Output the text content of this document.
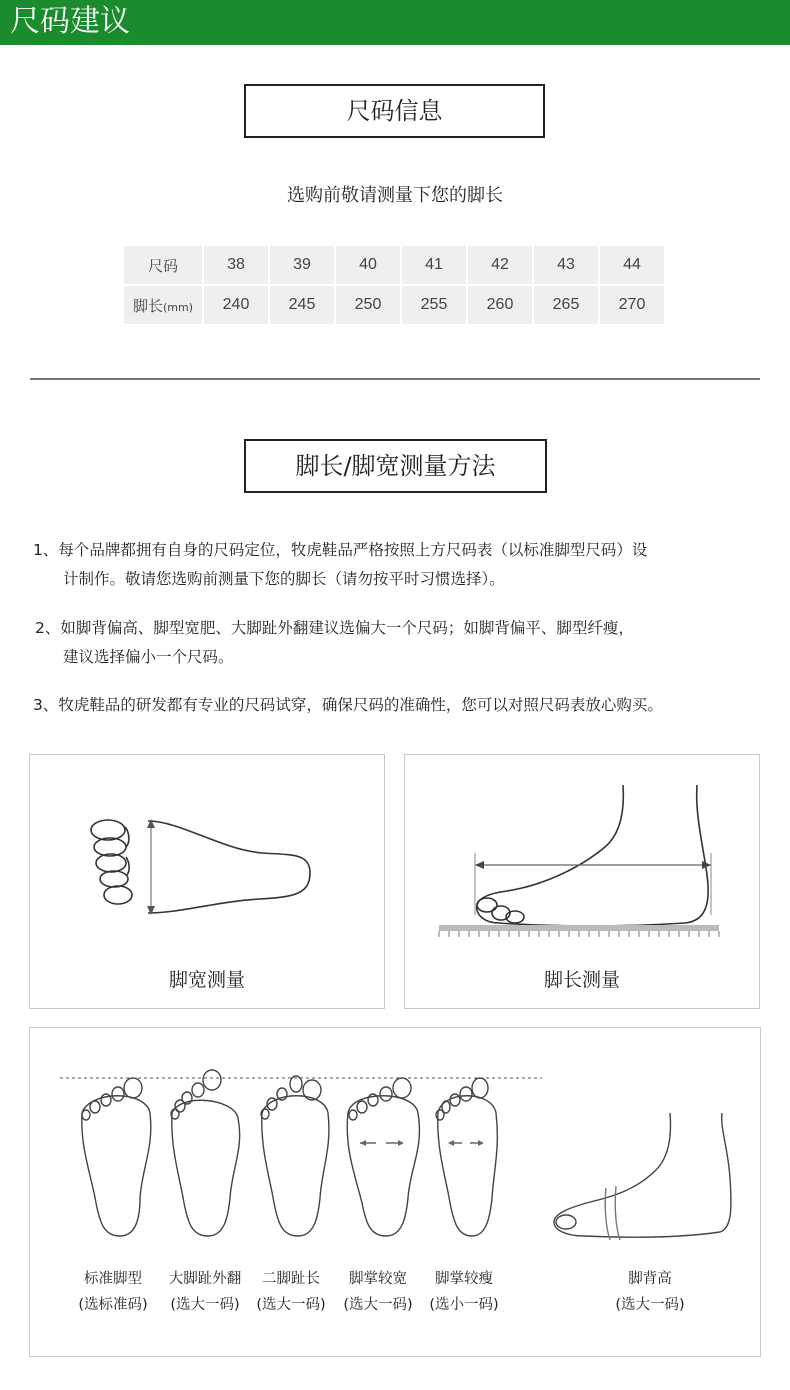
尺码建议
尺码信息
选购前敬请测量下您的脚长
尺码	38	39	40	41	42	43	44
脚长(mm)	240	245	250	255	260	265	270
脚长/脚宽测量方法
1、每个品牌都拥有自身的尺码定位，牧虎鞋品严格按照上方尺码表（以标准脚型尺码）设
计制作。敬请您选购前测量下您的脚长（请勿按平时习惯选择）。
2、如脚背偏高、脚型宽肥、大脚趾外翻建议选偏大一个尺码；如脚背偏平、脚型纤瘦，
建议选择偏小一个尺码。
3、牧虎鞋品的研发都有专业的尺码试穿，确保尺码的准确性，您可以对照尺码表放心购买。
脚宽测量	脚长测量
标准脚型
(选标准码)
大脚趾外翻
(选大一码)
二脚趾长
(选大一码)
脚掌较宽
(选大一码)
脚掌较瘦
(选小一码)
脚背高
(选大一码)
